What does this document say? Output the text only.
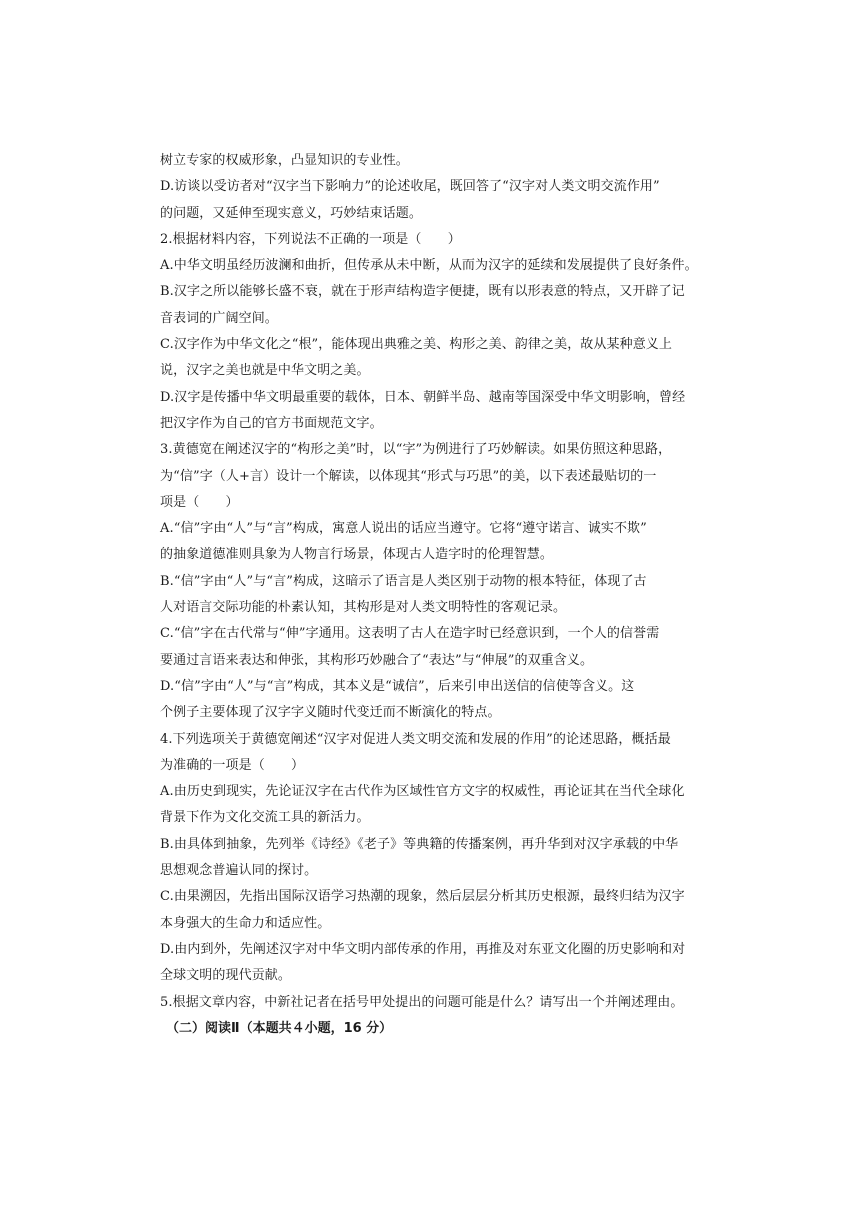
树立专家的权威形象，凸显知识的专业性。
D.访谈以受访者对“汉字当下影响力”的论述收尾，既回答了“汉字对人类文明交流作用”
的问题，又延伸至现实意义，巧妙结束话题。
2.根据材料内容，下列说法不正确的一项是（　　）
A.中华文明虽经历波澜和曲折，但传承从未中断，从而为汉字的延续和发展提供了良好条件。
B.汉字之所以能够长盛不衰，就在于形声结构造字便捷，既有以形表意的特点，又开辟了记
音表词的广阔空间。
C.汉字作为中华文化之“根”，能体现出典雅之美、构形之美、韵律之美，故从某种意义上
说，汉字之美也就是中华文明之美。
D.汉字是传播中华文明最重要的载体，日本、朝鲜半岛、越南等国深受中华文明影响，曾经
把汉字作为自己的官方书面规范文字。
3.黄德宽在阐述汉字的“构形之美”时，以“字”为例进行了巧妙解读。如果仿照这种思路，
为“信”字（人+言）设计一个解读，以体现其“形式与巧思”的美，以下表述最贴切的一
项是（　　）
A.“信”字由“人”与“言”构成，寓意人说出的话应当遵守。它将“遵守诺言、诚实不欺”
的抽象道德准则具象为人物言行场景，体现古人造字时的伦理智慧。
B.“信”字由“人”与“言”构成，这暗示了语言是人类区别于动物的根本特征，体现了古
人对语言交际功能的朴素认知，其构形是对人类文明特性的客观记录。
C.“信”字在古代常与“伸”字通用。这表明了古人在造字时已经意识到，一个人的信誉需
要通过言语来表达和伸张，其构形巧妙融合了“表达”与“伸展”的双重含义。
D.“信”字由“人”与“言”构成，其本义是“诚信”，后来引申出送信的信使等含义。这
个例子主要体现了汉字字义随时代变迁而不断演化的特点。
4.下列选项关于黄德宽阐述“汉字对促进人类文明交流和发展的作用”的论述思路，概括最
为准确的一项是（　　）
A.由历史到现实，先论证汉字在古代作为区域性官方文字的权威性，再论证其在当代全球化
背景下作为文化交流工具的新活力。
B.由具体到抽象，先列举《诗经》《老子》等典籍的传播案例，再升华到对汉字承载的中华
思想观念普遍认同的探讨。
C.由果溯因，先指出国际汉语学习热潮的现象，然后层层分析其历史根源，最终归结为汉字
本身强大的生命力和适应性。
D.由内到外，先阐述汉字对中华文明内部传承的作用，再推及对东亚文化圈的历史影响和对
全球文明的现代贡献。
5.根据文章内容，中新社记者在括号甲处提出的问题可能是什么？请写出一个并阐述理由。
（二）阅读Ⅱ（本题共４小题，16 分）
